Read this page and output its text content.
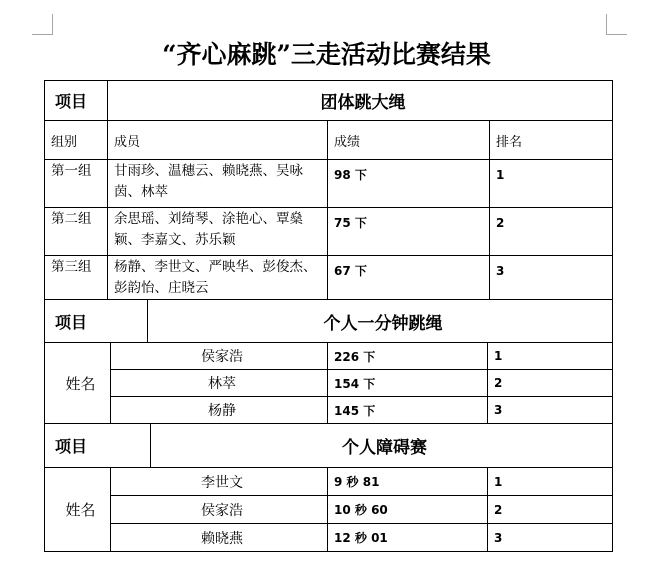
“齐心麻跳”三走活动比赛结果
项目	团体跳大绳		
组别	成员	成绩	排名
第一组	甘雨珍、温穗云、赖晓燕、吴咏茵、林萃	98 下	1
第二组	余思瑶、刘绮琴、涂艳心、覃燊颖、李嘉文、苏乐颖	75 下	2
第三组	杨静、李世文、严映华、彭俊杰、彭韵怡、庄晓云	67 下	3
项目		个人一分钟跳绳		
姓名	侯家浩		226 下	1
	林萃		154 下	2
	杨静		145 下	3
项目		个人障碍赛		
姓名	李世文		9 秒 81	1
	侯家浩		10 秒 60	2
	赖晓燕		12 秒 01	3
